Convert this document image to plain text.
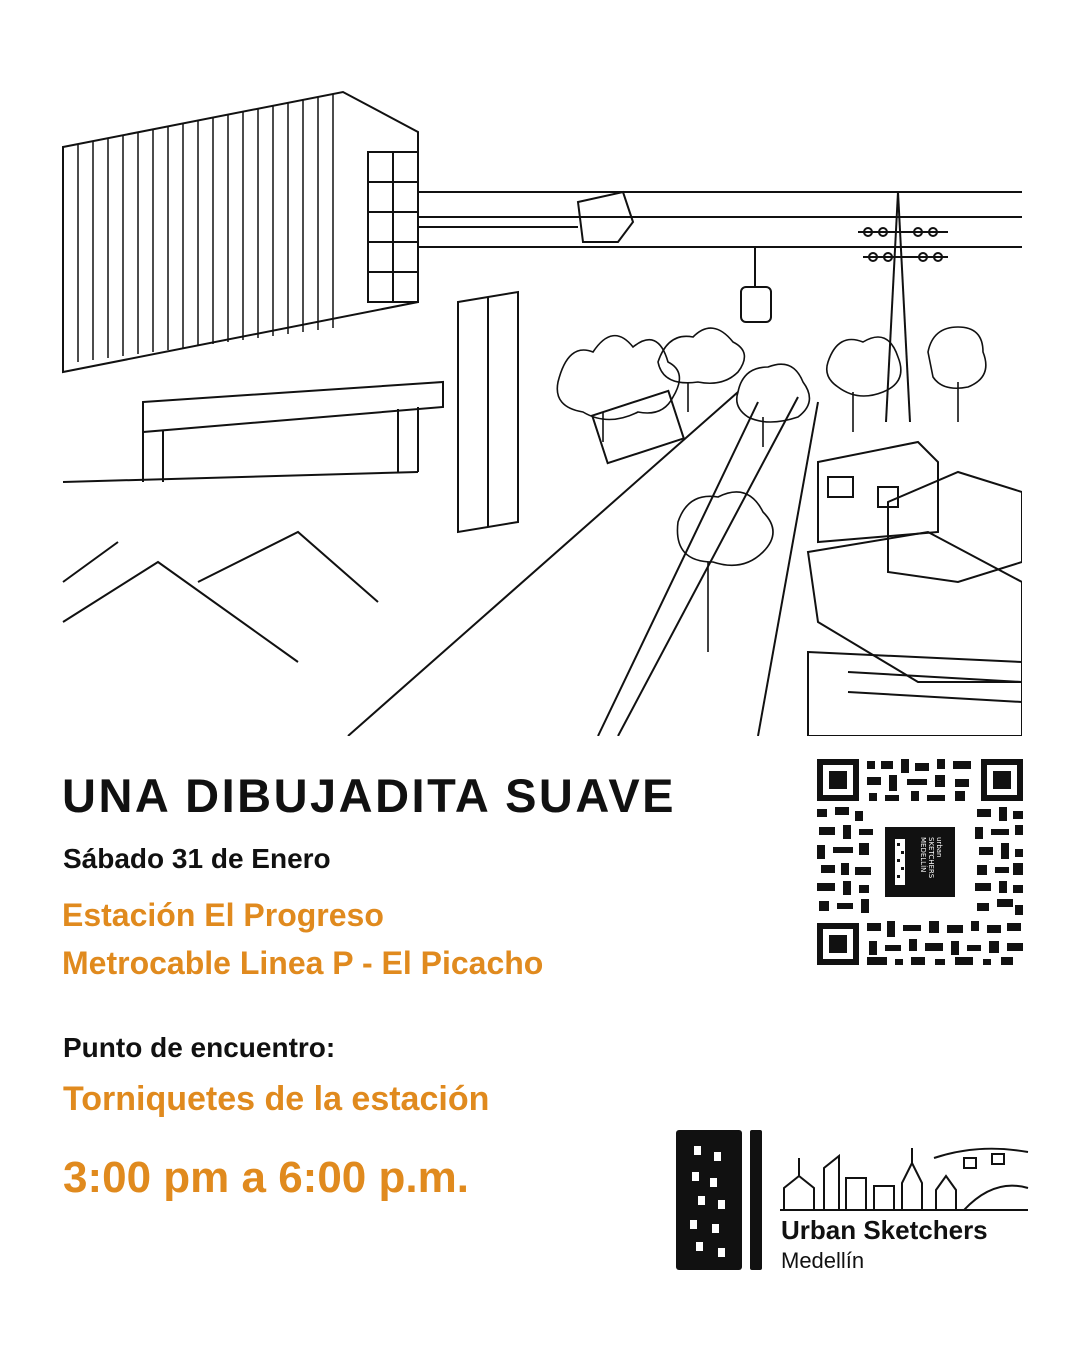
UNA DIBUJADITA SUAVE
Sábado 31 de Enero
Estación El Progreso
Metrocable Linea P - El Picacho
Punto de encuentro:
Torniquetes de la estación
3:00 pm a 6:00 p.m.
urban
SKETCHERS
MEDELLÍN
Urban Sketchers
Medellín
